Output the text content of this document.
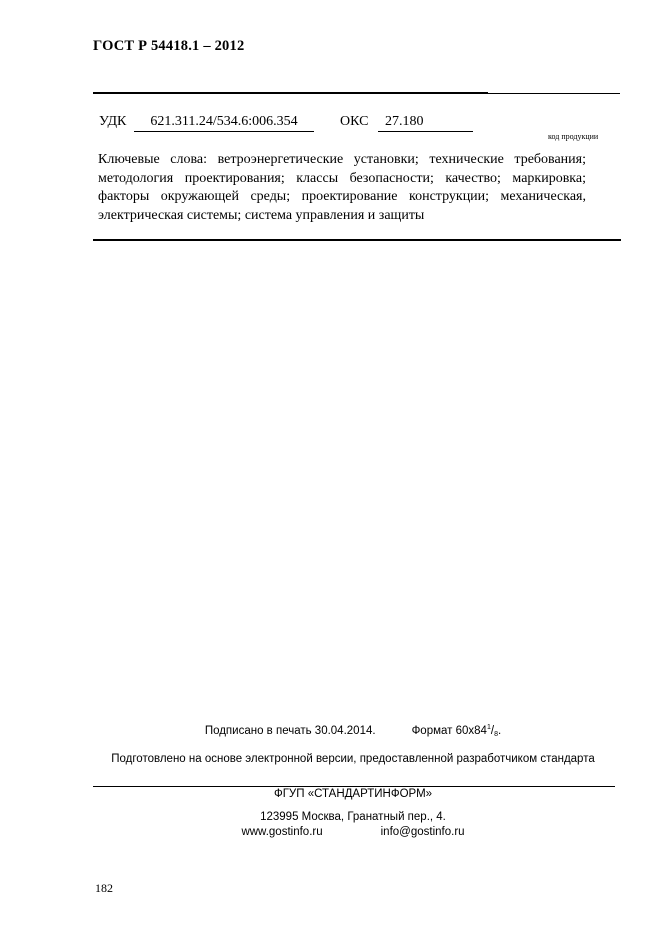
ГОСТ Р 54418.1 – 2012
УДК	621.311.24/534.6:006.354	ОКС	27.180
код продукции
Ключевые слова: ветроэнергетические установки; технические требования; методология проектирования; классы безопасности; качество; маркировка; факторы окружающей среды; проектирование конструкции; механическая, электрическая системы; система управления и защиты
Подписано в печать 30.04.2014.	Формат $60x84^1/_8$.
Подготовлено на основе электронной версии, предоставленной разработчиком стандарта
ФГУП «СТАНДАРТИНФОРМ»
123995 Москва, Гранатный пер., 4.
www.gostinfo.ru	info@gostinfo.ru
182
